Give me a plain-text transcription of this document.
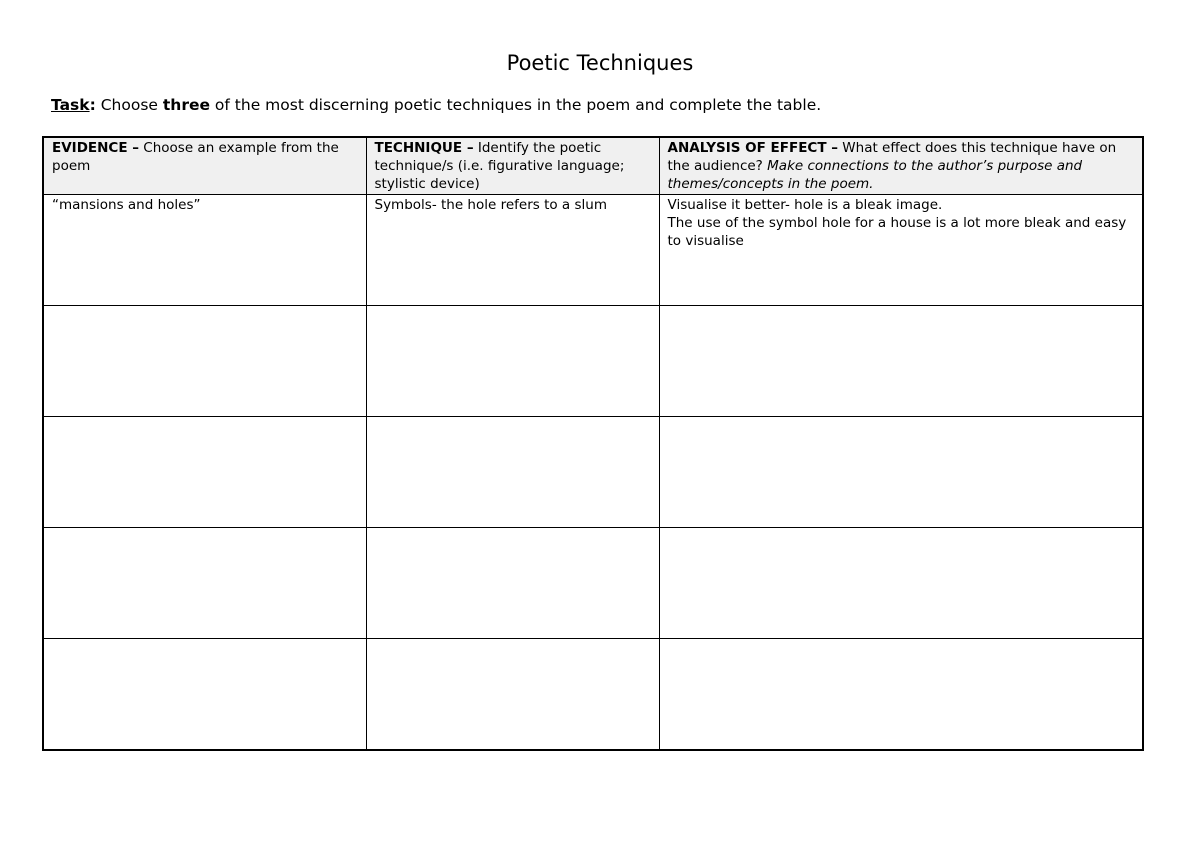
Poetic Techniques

Task: Choose three of the most discerning poetic techniques in the poem and complete the table.

EVIDENCE – Choose an example from the poem	TECHNIQUE – Identify the poetic technique/s (i.e. figurative language; stylistic device)	ANALYSIS OF EFFECT – What effect does this technique have on the audience? Make connections to the author’s purpose and themes/concepts in the poem.
“mansions and holes”	Symbols- the hole refers to a slum	Visualise it better- hole is a bleak image.
The use of the symbol hole for a house is a lot more bleak and easy to visualise
